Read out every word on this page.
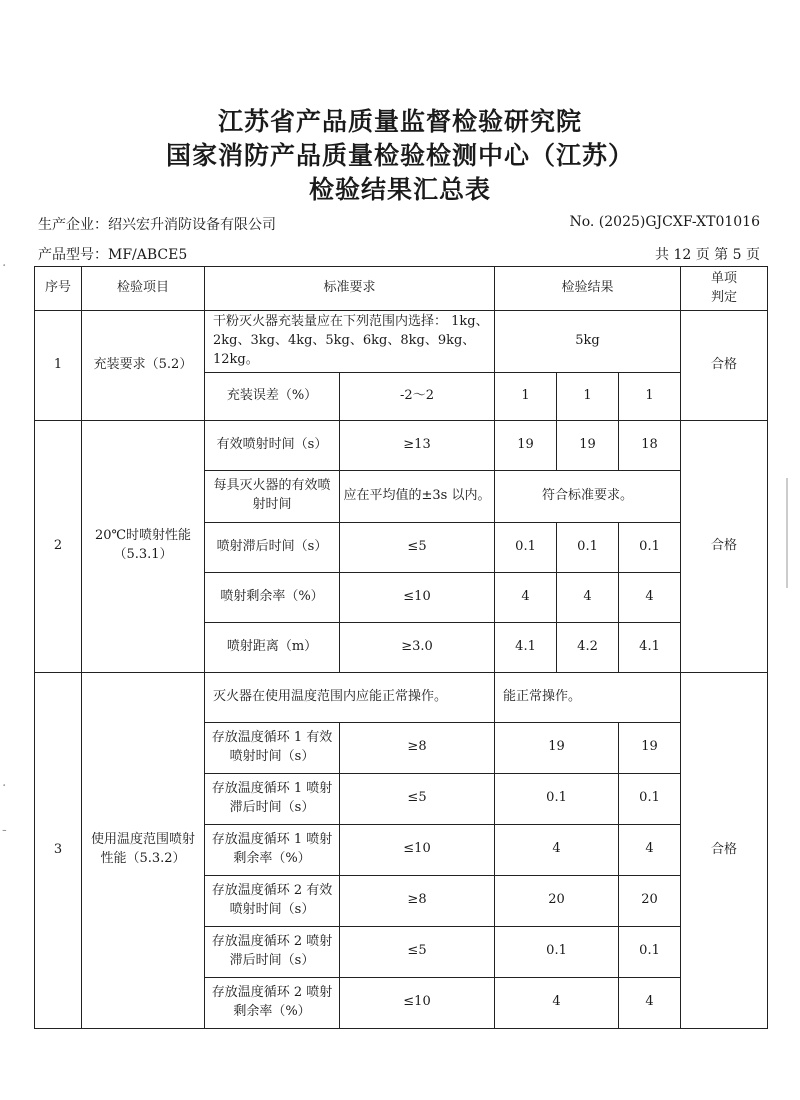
江苏省产品质量监督检验研究院
国家消防产品质量检验检测中心（江苏）
检验结果汇总表
生产企业：绍兴宏升消防设备有限公司	No. (2025)GJCXF-XT01016
产品型号：MF/ABCE5	共 12 页 第 5 页
序号	检验项目	标准要求		检验结果			单项
判定
1	充装要求（5.2）	干粉灭火器充装量应在下列范围内选择： 1kg、2kg、3kg、4kg、5kg、6kg、8kg、9kg、12kg。		5kg			合格
		充装误差（%）	-2～2	1	1	1	
2	20℃时喷射性能（5.3.1）	有效喷射时间（s）	≥13	19	19	18	合格
		每具灭火器的有效喷射时间	应在平均值的±3s 以内。	符合标准要求。			
		喷射滞后时间（s）	≤5	0.1	0.1	0.1	
		喷射剩余率（%）	≤10	4	4	4	
		喷射距离（m）	≥3.0	4.1	4.2	4.1	
3	使用温度范围喷射性能（5.3.2）	灭火器在使用温度范围内应能正常操作。		能正常操作。			合格
		存放温度循环 1 有效喷射时间（s）	≥8	19		19	
		存放温度循环 1 喷射滞后时间（s）	≤5	0.1		0.1	
		存放温度循环 1 喷射剩余率（%）	≤10	4		4	
		存放温度循环 2 有效喷射时间（s）	≥8	20		20	
		存放温度循环 2 喷射滞后时间（s）	≤5	0.1		0.1	
		存放温度循环 2 喷射剩余率（%）	≤10	4		4	
·
·
-
